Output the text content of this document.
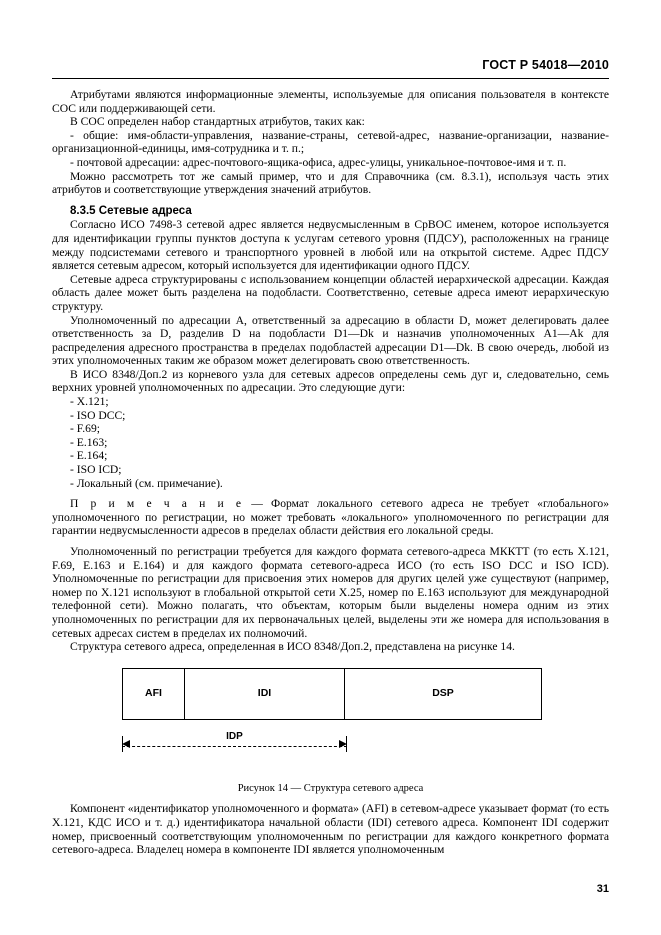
ГОСТ Р 54018—2010

Атрибутами являются информационные элементы, используемые для описания пользователя в контексте СОС или поддерживающей сети.

В СОС определен набор стандартных атрибутов, таких как:

- общие: имя-области-управления, название-страны, сетевой-адрес, название-организации, название-организационной-единицы, имя-сотрудника и т. п.;

- почтовой адресации: адрес-почтового-ящика-офиса, адрес-улицы, уникальное-почтовое-имя и т. п.

Можно рассмотреть тот же самый пример, что и для Справочника (см. 8.3.1), используя часть этих атрибутов и соответствующие утверждения значений атрибутов.

8.3.5 Сетевые адреса

Согласно ИСО 7498-3 сетевой адрес является недвусмысленным в СрВОС именем, которое используется для идентификации группы пунктов доступа к услугам сетевого уровня (ПДСУ), расположенных на границе между подсистемами сетевого и транспортного уровней в любой или на открытой системе. Адрес ПДСУ является сетевым адресом, который используется для идентификации одного ПДСУ.

Сетевые адреса структурированы с использованием концепции областей иерархической адресации. Каждая область далее может быть разделена на подобласти. Соответственно, сетевые адреса имеют иерархическую структуру.

Уполномоченный по адресации A, ответственный за адресацию в области D, может делегировать далее ответственность за D, разделив D на подобласти D1—Dk и назначив уполномоченных A1—Ak для распределения адресного пространства в пределах подобластей адресации D1—Dk. В свою очередь, любой из этих уполномоченных таким же образом может делегировать свою ответственность.

В ИСО 8348/Доп.2 из корневого узла для сетевых адресов определены семь дуг и, следовательно, семь верхних уровней уполномоченных по адресации. Это следующие дуги:

- X.121;

- ISO DCC;

- F.69;

- E.163;

- E.164;

- ISO ICD;

- Локальный (см. примечание).

П р и м е ч а н и е — Формат локального сетевого адреса не требует «глобального» уполномоченного по регистрации, но может требовать «локального» уполномоченного по регистрации для гарантии недвусмысленности адресов в пределах области действия его локальной среды.

Уполномоченный по регистрации требуется для каждого формата сетевого-адреса МККТТ (то есть X.121, F.69, E.163 и E.164) и для каждого формата сетевого-адреса ИСО (то есть ISO DCC и ISO ICD). Уполномоченные по регистрации для присвоения этих номеров для других целей уже существуют (например, номер по X.121 используют в глобальной открытой сети X.25, номер по E.163 используют для международной телефонной сети). Можно полагать, что объектам, которым были выделены номера одним из этих уполномоченных по регистрации для их первоначальных целей, выделены эти же номера для использования в сетевых адресах систем в пределах их полномочий.

Структура сетевого адреса, определенная в ИСО 8348/Доп.2, представлена на рисунке 14.

AFI	IDI	DSP
IDP

Рисунок 14 — Структура сетевого адреса

Компонент «идентификатор уполномоченного и формата» (AFI) в сетевом-адресе указывает формат (то есть X.121, КДС ИСО и т. д.) идентификатора начальной области (IDI) сетевого адреса. Компонент IDI содержит номер, присвоенный соответствующим уполномоченным по регистрации для каждого конкретного формата сетевого-адреса. Владелец номера в компоненте IDI является уполномоченным

31
